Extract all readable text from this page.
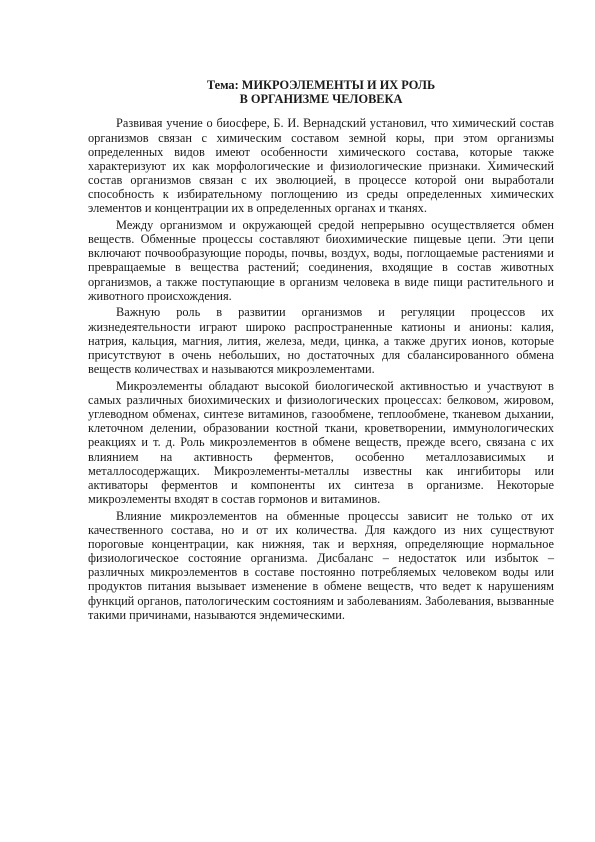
Тема: МИКРОЭЛЕМЕНТЫ И ИХ РОЛЬ
В ОРГАНИЗМЕ ЧЕЛОВЕКА

Развивая учение о биосфере, Б. И. Вернадский установил, что химический состав организмов связан с химическим составом земной коры, при этом организмы определенных видов имеют особенности химического состава, которые также характеризуют их как морфологические и физиологические признаки. Химический состав организмов связан с их эволюцией, в процессе которой они выработали способность к избирательному поглощению из среды определенных химических элементов и концентрации их в определенных органах и тканях.

Между организмом и окружающей средой непрерывно осуществляется обмен веществ. Обменные процессы составляют биохимические пищевые цепи. Эти цепи включают почвообразующие породы, почвы, воздух, воды, поглощаемые растениями и превращаемые в вещества растений; соединения, входящие в состав животных организмов, а также поступающие в организм человека в виде пищи растительного и животного происхождения.

Важную роль в развитии организмов и регуляции процессов их жизнедеятельности играют широко распространенные катионы и анионы: калия, натрия, кальция, магния, лития, железа, меди, цинка, а также других ионов, которые присутствуют в очень небольших, но достаточных для сбалансированного обмена веществ количествах и называются микроэлементами.

Микроэлементы обладают высокой биологической активностью и участвуют в самых различных биохимических и физиологических процессах: белковом, жировом, углеводном обменах, синтезе витаминов, газообмене, теплообмене, тканевом дыхании, клеточном делении, образовании костной ткани, кроветворении, иммунологических реакциях и т. д. Роль микроэлементов в обмене веществ, прежде всего, связана с их влиянием на активность ферментов, особенно металлозависимых и металлосодержащих. Микроэлементы-металлы известны как ингибиторы или активаторы ферментов и компоненты их синтеза в организме. Некоторые микроэлементы входят в состав гормонов и витаминов.

Влияние микроэлементов на обменные процессы зависит не только от их качественного состава, но и от их количества. Для каждого из них существуют пороговые концентрации, как нижняя, так и верхняя, определяющие нормальное физиологическое состояние организма. Дисбаланс – недостаток или избыток – различных микроэлементов в составе постоянно потребляемых человеком воды или продуктов питания вызывает изменение в обмене веществ, что ведет к нарушениям функций органов, патологическим состояниям и заболеваниям. Заболевания, вызванные такими причинами, называются эндемическими.
